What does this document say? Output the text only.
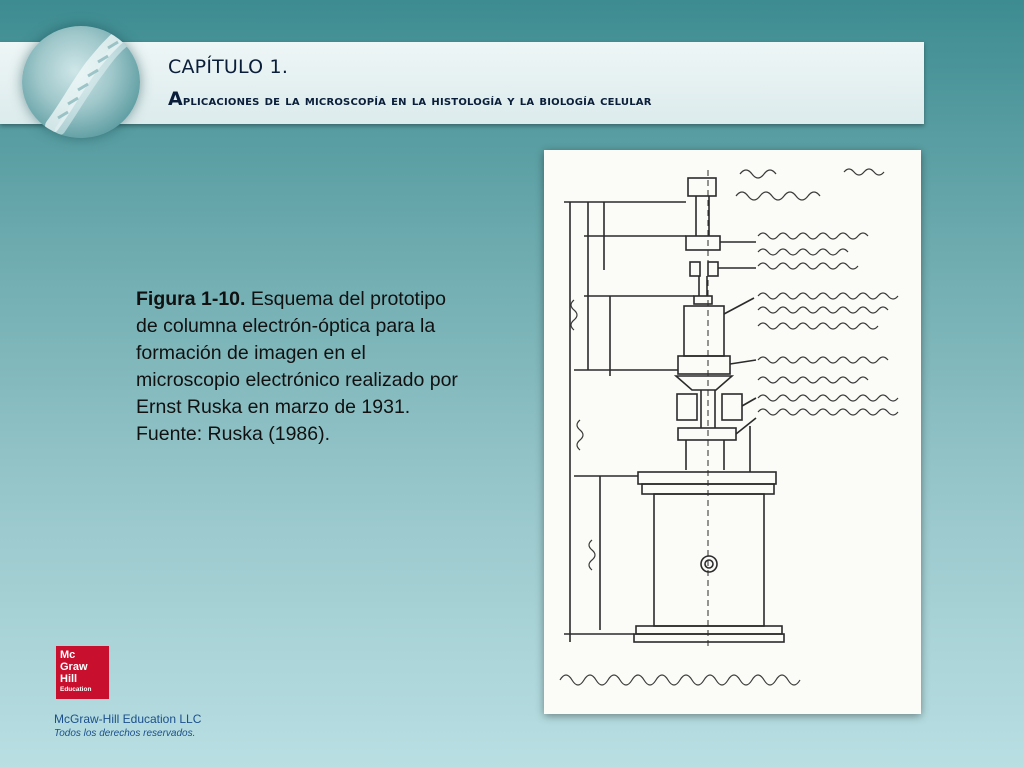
CAPÍTULO 1.
Aplicaciones de la microscopía en la histología y la biología celular
Figura 1-10. Esquema del prototipo de columna electrón-óptica para la formación de imagen en el microscopio electrónico realizado por Ernst Ruska en marzo de 1931. Fuente: Ruska (1986).
Mc
Graw
Hill
Education
McGraw-Hill Education LLC
Todos los derechos reservados.
